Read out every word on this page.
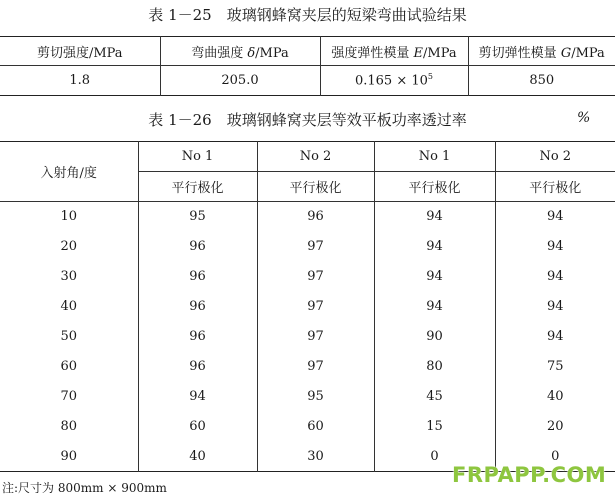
表 1－25　玻璃钢蜂窝夹层的短梁弯曲试验结果
剪切强度/MPa	弯曲强度 δ/MPa	强度弹性模量 E/MPa	剪切弹性模量 G/MPa
1.8	205.0	$0.165 \times 10^5$	850
表 1－26　玻璃钢蜂窝夹层等效平板功率透过率	%
入射角/度	No 1	No 2	No 1	No 2
	平行极化	平行极化	平行极化	平行极化
10	95	96	94	94
20	96	97	94	94
30	96	97	94	94
40	96	97	94	94
50	96	97	90	94
60	96	97	80	75
70	94	95	45	40
80	60	60	15	20
90	40	30	0	0
注:尺寸为 800mm × 900mm
FRPAPP.COM
